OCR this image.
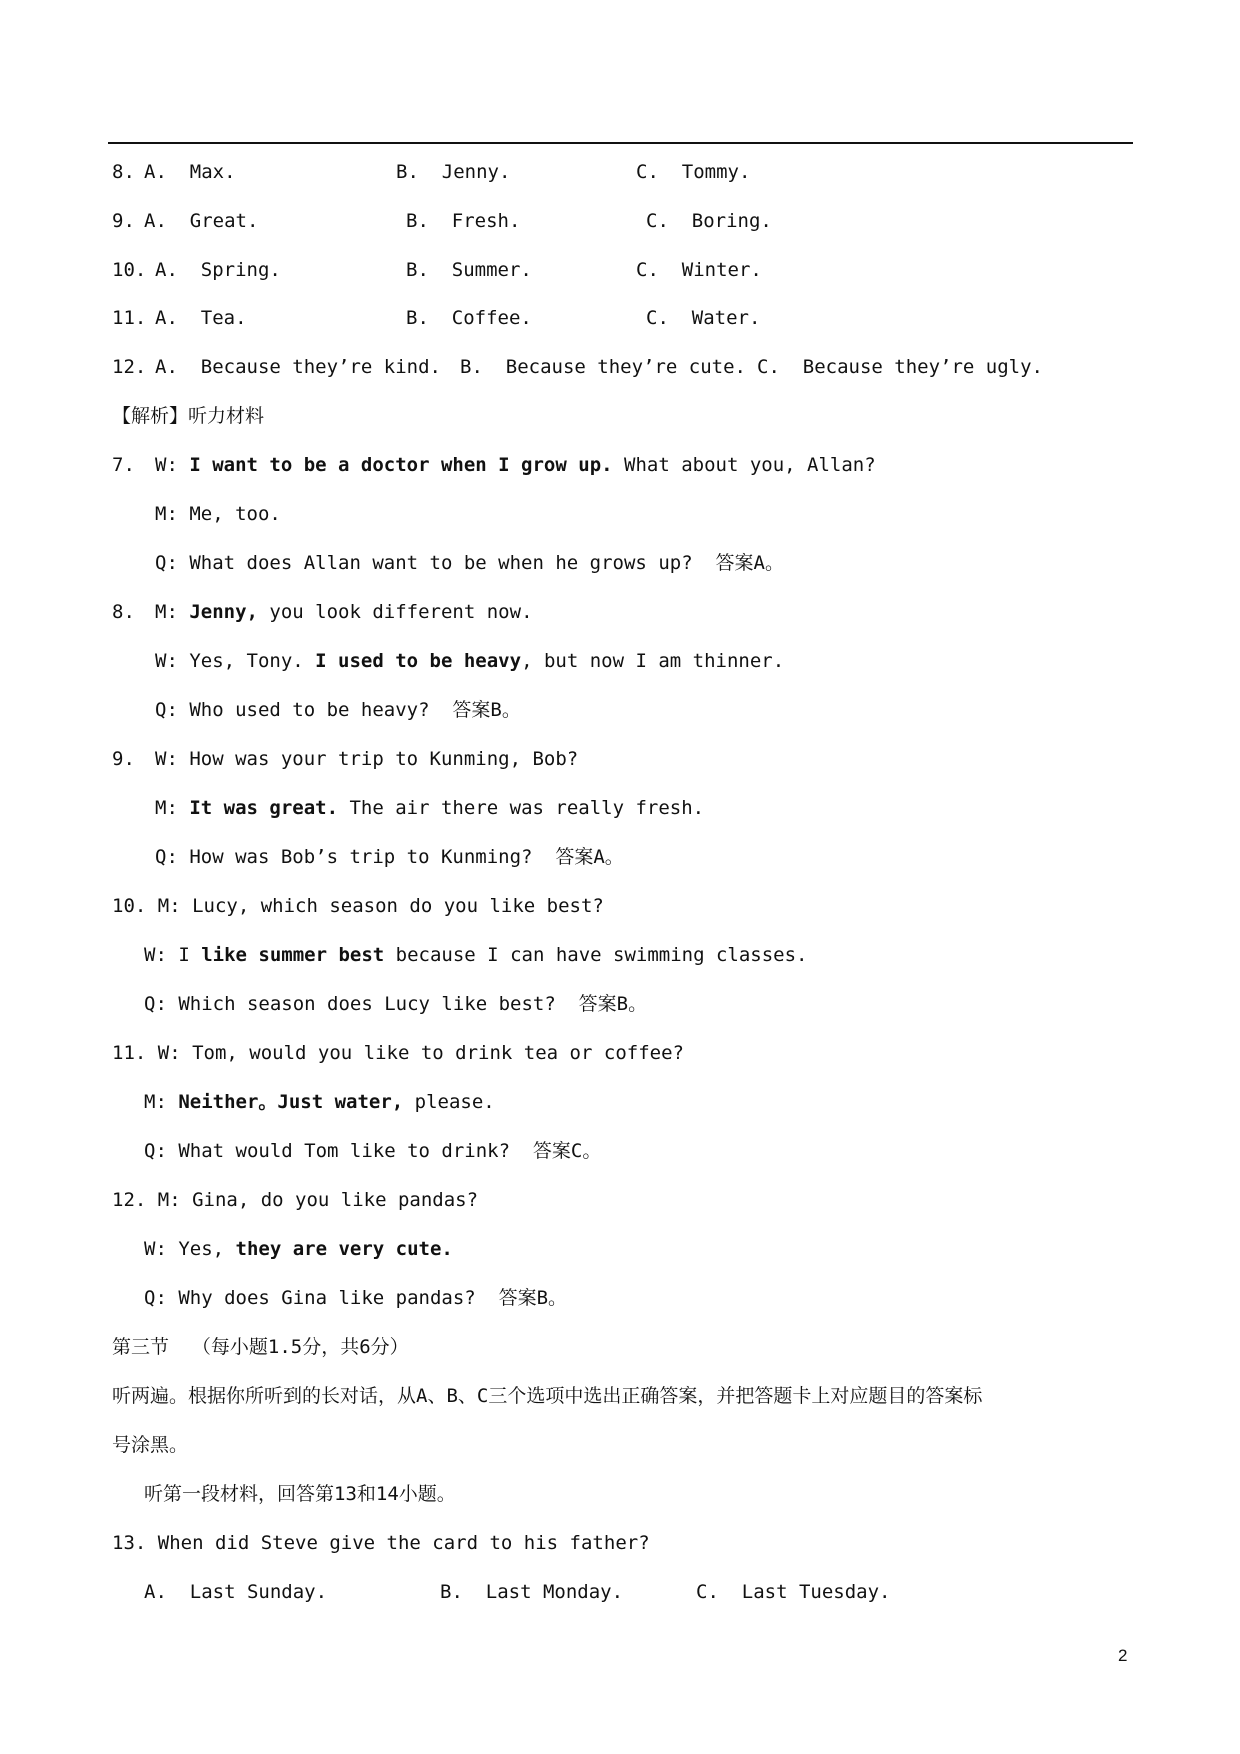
8. A.  Max.	B.  Jenny.	C.  Tommy.
9. A.  Great.	B.  Fresh.	C.  Boring.
10. A.  Spring.	B.  Summer.	C.  Winter.
11. A.  Tea.	B.  Coffee.	C.  Water.
12. A.  Because they’re kind. B.  Because they’re cute. C.  Because they’re ugly.
【解析】听力材料
7. W: I want to be a doctor when I grow up. What about you, Allan?
M: Me, too.
Q: What does Allan want to be when he grows up?  答案A。
8. M: Jenny, you look different now.
W: Yes, Tony. I used to be heavy, but now I am thinner.
Q: Who used to be heavy?  答案B。
9. W: How was your trip to Kunming, Bob?
M: It was great. The air there was really fresh.
Q: How was Bob’s trip to Kunming?  答案A。
10. M: Lucy, which season do you like best?
W: I like summer best because I can have swimming classes.
Q: Which season does Lucy like best?  答案B。
11. W: Tom, would you like to drink tea or coffee?
M: Neither。Just water, please.
Q: What would Tom like to drink?  答案C。
12. M: Gina, do you like pandas?
W: Yes, they are very cute.
Q: Why does Gina like pandas?  答案B。
第三节  （每小题1.5分，共6分）
听两遍。根据你所听到的长对话，从A、B、C三个选项中选出正确答案，并把答题卡上对应题目的答案标
号涂黑。
听第一段材料，回答第13和14小题。
13. When did Steve give the card to his father?
A.  Last Sunday.	B.  Last Monday.	C.  Last Tuesday.
2
